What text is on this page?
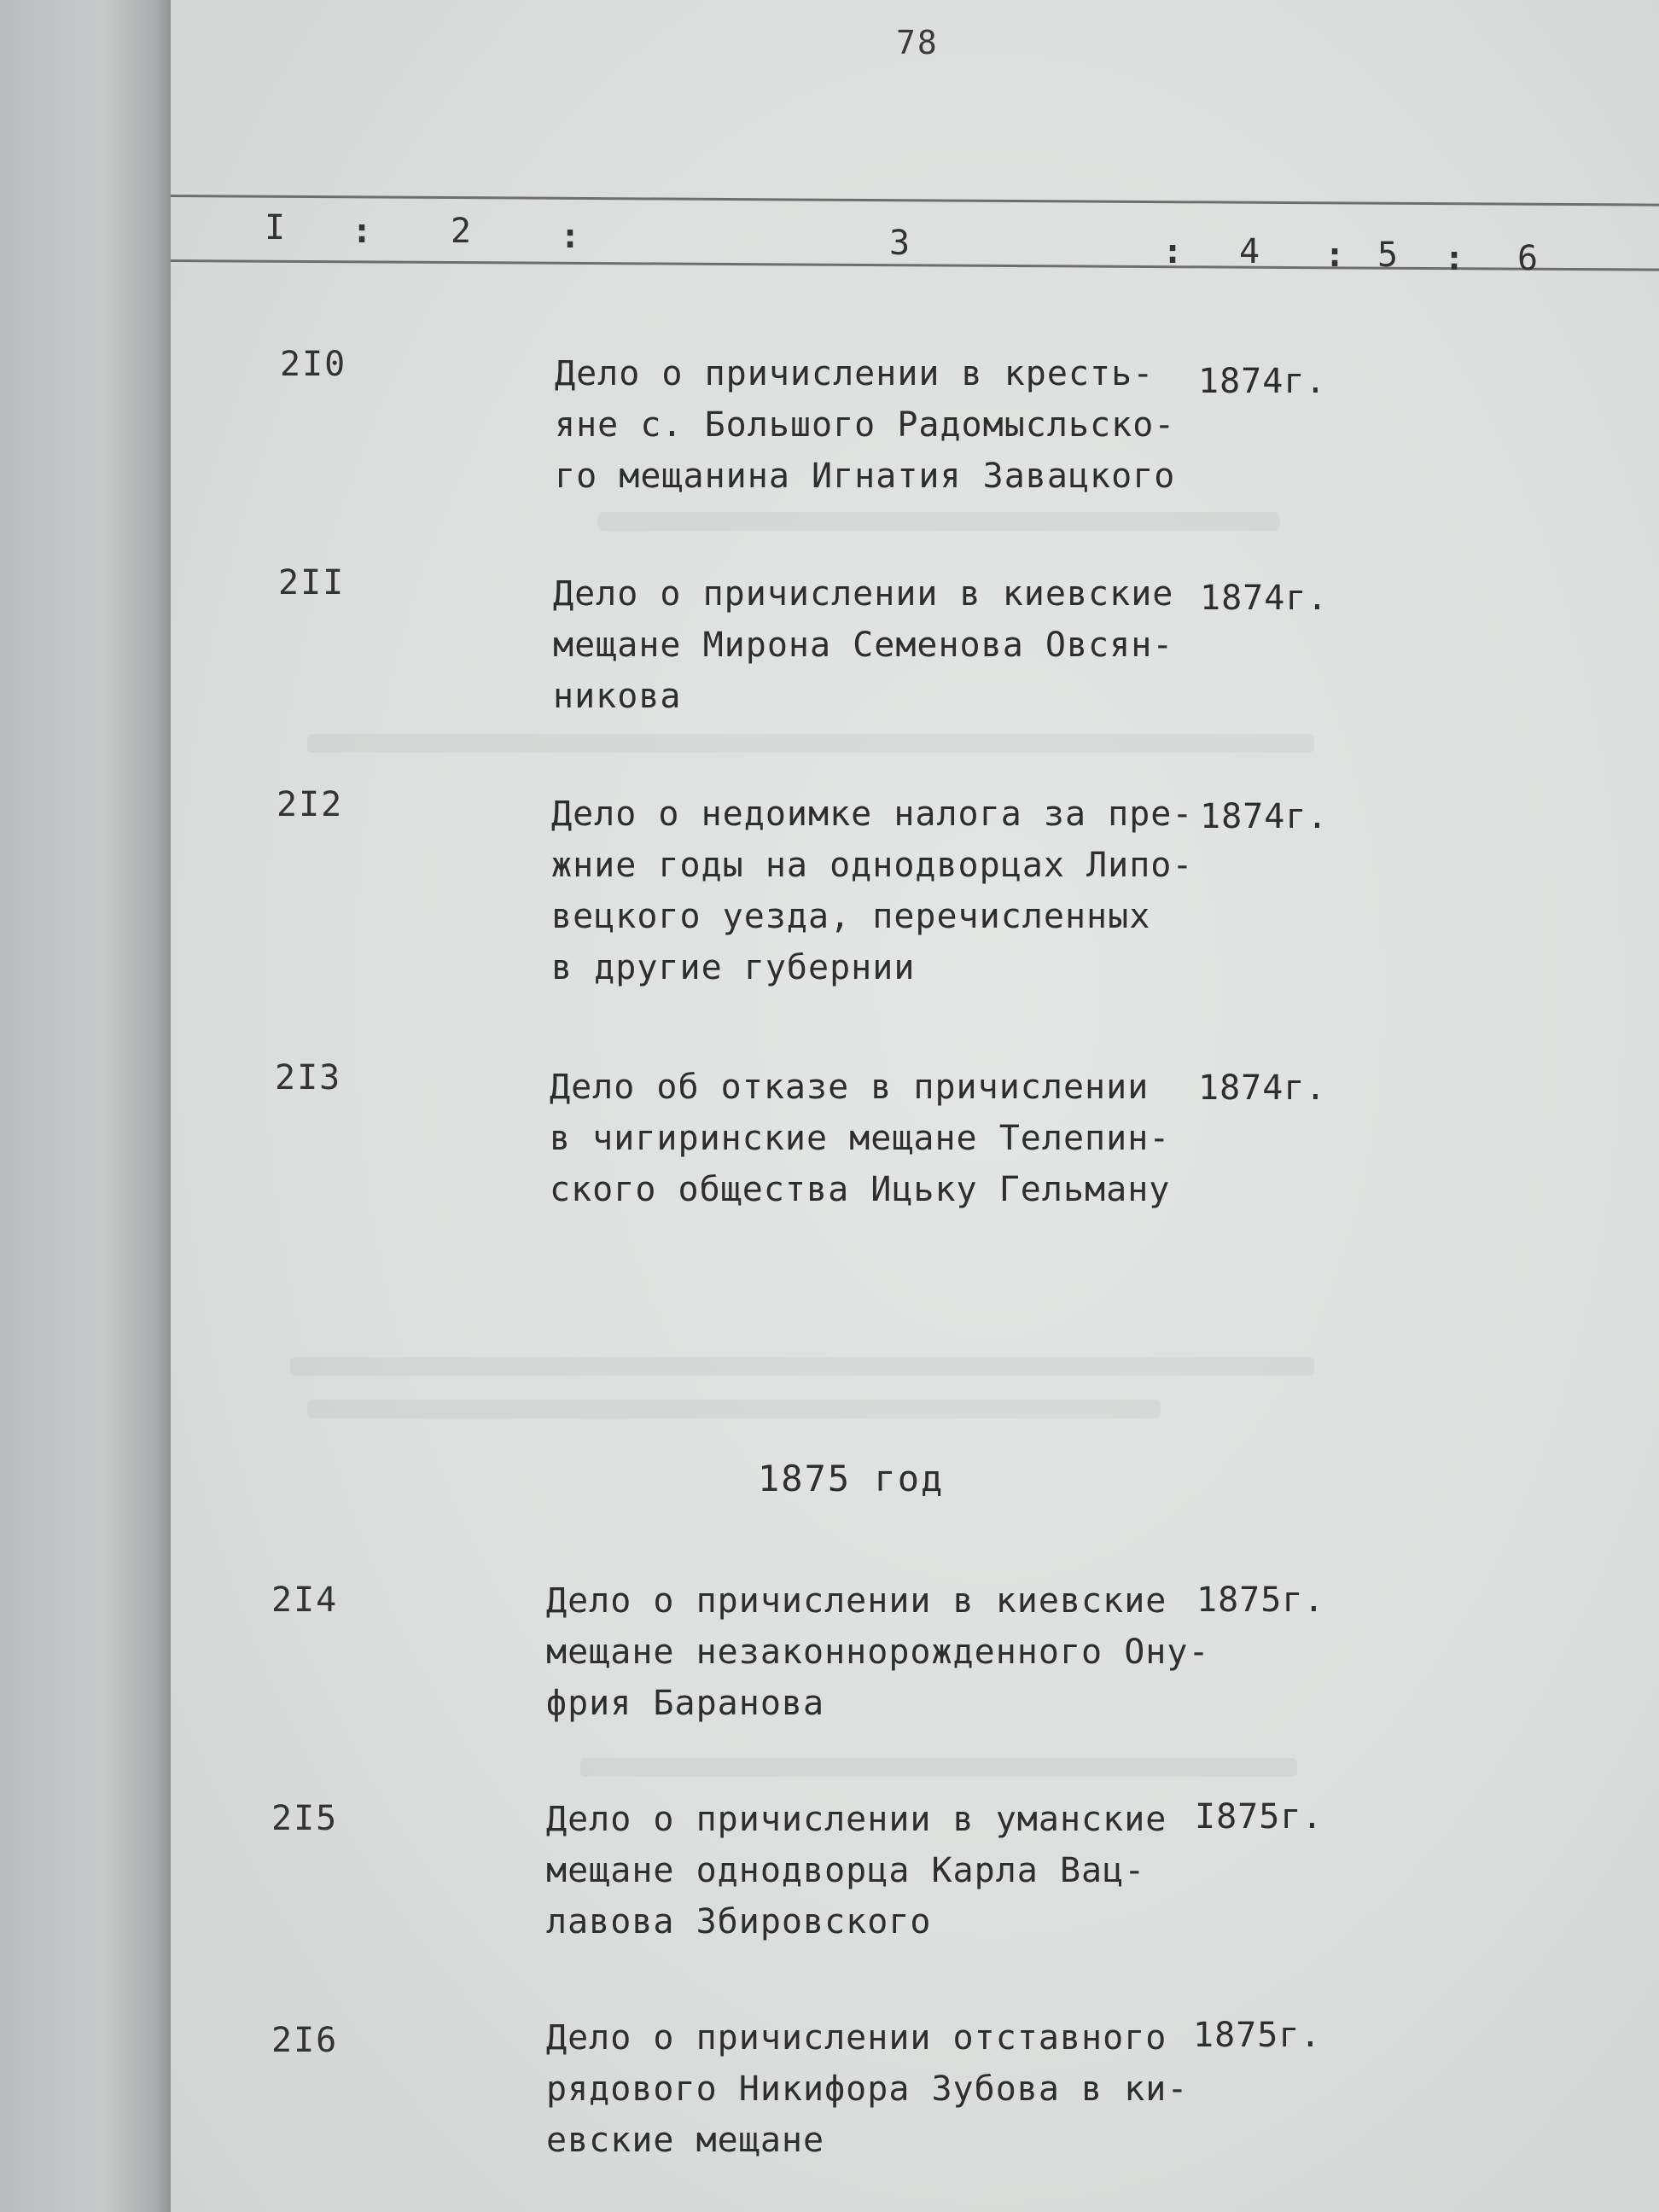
78
I : 2	:	3	: 4 : 5 : 6
2I0	Дело о причислении в кресть-
яне с. Большого Радомысльско-
го мещанина Игнатия Завацкого
1874г.
2II	Дело о причислении в киевские
мещане Мирона Семенова Овсян-
никова
1874г.
2I2	Дело о недоимке налога за пре-
жние годы на однодворцах Липо-
вецкого уезда, перечисленных
в другие губернии
1874г.
2I3	Дело об отказе в причислении
в чигиринские мещане Телепин-
ского общества Ицьку Гельману
1874г.
1875 год
2I4	Дело о причислении в киевские
мещане незаконнорожденного Ону-
фрия Баранова
1875г.
2I5	Дело о причислении в уманские
мещане однодворца Карла Вац-
лавова Збировского
I875г.
2I6	Дело о причислении отставного
рядового Никифора Зубова в ки-
евские мещане
1875г.
